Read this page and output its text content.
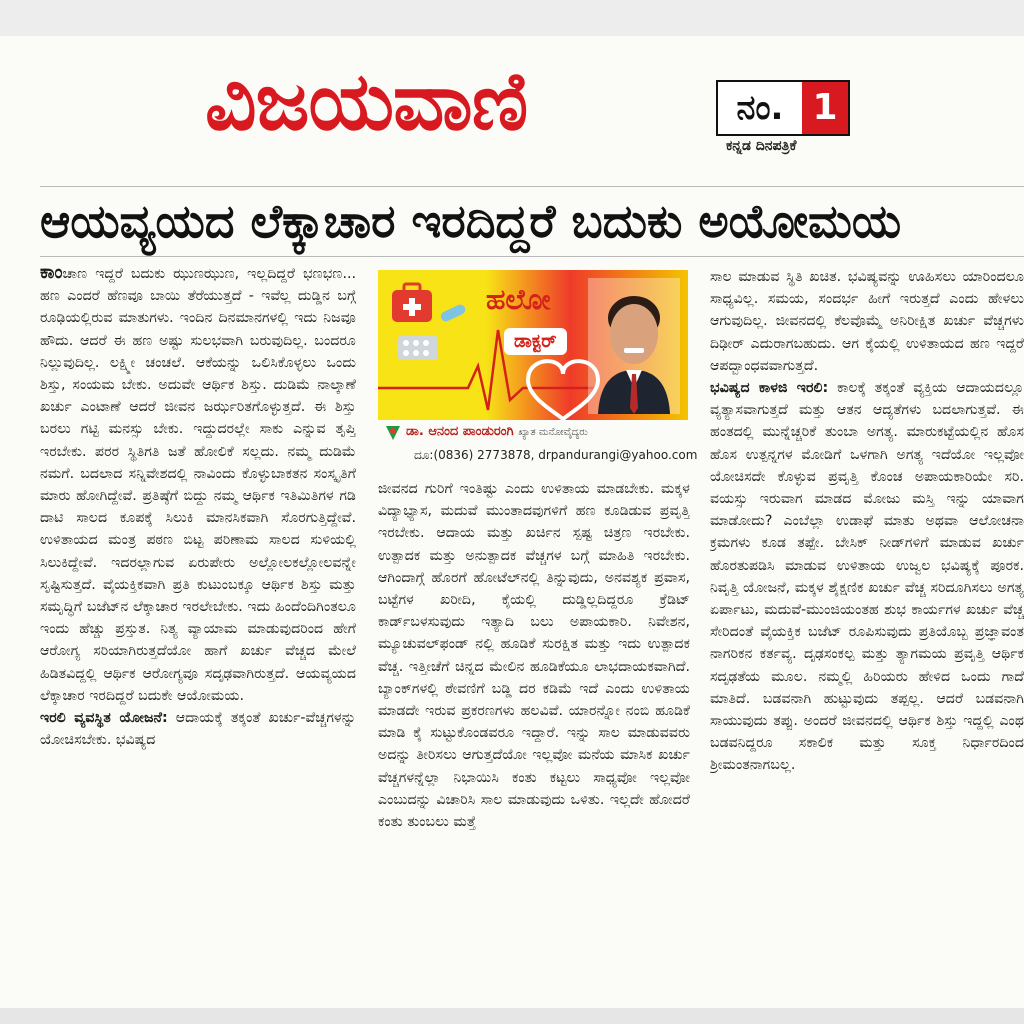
ವಿಜಯವಾಣಿ	ನಂ. 1
ಕನ್ನಡ ದಿನಪತ್ರಿಕೆ
ಆಯವ್ಯಯದ ಲೆಕ್ಕಾಚಾರ ಇರದಿದ್ದರೆ ಬದುಕು ಅಯೋಮಯ

ಕಾಂಚಾಣ ಇದ್ದರೆ ಬದುಕು ಝುಣಝುಣ, ಇಲ್ಲದಿದ್ದರೆ ಭಣಭಣ... ಹಣ ಎಂದರೆ ಹೆಣವೂ ಬಾಯಿ ತೆರೆಯುತ್ತದೆ - ಇವೆಲ್ಲ ದುಡ್ಡಿನ ಬಗ್ಗೆ ರೂಢಿಯಲ್ಲಿರುವ ಮಾತುಗಳು. ಇಂದಿನ ದಿನಮಾನಗಳಲ್ಲಿ ಇದು ನಿಜವೂ ಹೌದು. ಆದರೆ ಈ ಹಣ ಅಷ್ಟು ಸುಲಭವಾಗಿ ಬರುವುದಿಲ್ಲ. ಬಂದರೂ ನಿಲ್ಲುವುದಿಲ್ಲ. ಲಕ್ಷ್ಮೀ ಚಂಚಲೆ. ಆಕೆಯನ್ನು ಒಲಿಸಿಕೊಳ್ಳಲು ಒಂದು ಶಿಸ್ತು, ಸಂಯಮ ಬೇಕು. ಅದುವೇ ಆರ್ಥಿಕ ಶಿಸ್ತು. ದುಡಿಮೆ ನಾಲ್ಕಾಣೆ ಖರ್ಚು ಎಂಟಾಣೆ ಆದರೆ ಜೀವನ ಜರ್ಝರಿತಗೊಳ್ಳುತ್ತದೆ. ಈ ಶಿಸ್ತು ಬರಲು ಗಟ್ಟಿ ಮನಸ್ಸು ಬೇಕು. ಇದ್ದುದರಲ್ಲೇ ಸಾಕು ಎನ್ನುವ ತೃಪ್ತಿ ಇರಬೇಕು. ಪರರ ಸ್ಥಿತಿಗತಿ ಜತೆ ಹೋಲಿಕೆ ಸಲ್ಲದು. ನಮ್ಮ ದುಡಿಮೆ ನಮಗೆ. ಬದಲಾದ ಸನ್ನಿವೇಶದಲ್ಲಿ ನಾವಿಂದು ಕೊಳ್ಳುಬಾಕತನ ಸಂಸ್ಕೃತಿಗೆ ಮಾರು ಹೋಗಿದ್ದೇವೆ. ಪ್ರತಿಷ್ಠೆಗೆ ಬಿದ್ದು ನಮ್ಮ ಆರ್ಥಿಕ ಇತಿಮಿತಿಗಳ ಗಡಿ ದಾಟಿ ಸಾಲದ ಕೂಪಕ್ಕೆ ಸಿಲುಕಿ ಮಾನಸಿಕವಾಗಿ ಸೊರಗುತ್ತಿದ್ದೇವೆ. ಉಳಿತಾಯದ ಮಂತ್ರ ಪಠಣ ಬಿಟ್ಟ ಪರಿಣಾಮ ಸಾಲದ ಸುಳಿಯಲ್ಲಿ ಸಿಲುಕಿದ್ದೇವೆ. ಇದರಲ್ಲಾಗುವ ಏರುಪೇರು ಅಲ್ಲೋಲಕಲ್ಲೋಲವನ್ನೇ ಸೃಷ್ಟಿಸುತ್ತದೆ. ವೈಯಕ್ತಿಕವಾಗಿ ಪ್ರತಿ ಕುಟುಂಬಕ್ಕೂ ಆರ್ಥಿಕ ಶಿಸ್ತು ಮತ್ತು ಸಮೃದ್ಧಿಗೆ ಬಜೆಟ್‌ನ ಲೆಕ್ಕಾಚಾರ ಇರಲೇಬೇಕು. ಇದು ಹಿಂದೆಂದಿಗಿಂತಲೂ ಇಂದು ಹೆಚ್ಚು ಪ್ರಸ್ತುತ. ನಿತ್ಯ ವ್ಯಾಯಾಮ ಮಾಡುವುದರಿಂದ ಹೇಗೆ ಆರೋಗ್ಯ ಸರಿಯಾಗಿರುತ್ತದೆಯೋ ಹಾಗೆ ಖರ್ಚು ವೆಚ್ಚದ ಮೇಲೆ ಹಿಡಿತವಿದ್ದಲ್ಲಿ ಆರ್ಥಿಕ ಆರೋಗ್ಯವೂ ಸದೃಢವಾಗಿರುತ್ತದೆ. ಆಯವ್ಯಯದ ಲೆಕ್ಕಾಚಾರ ಇರದಿದ್ದರೆ ಬದುಕೇ ಆಯೋಮಯ.

ಇರಲಿ ವ್ಯವಸ್ಥಿತ ಯೋಜನೆ: ಆದಾಯಕ್ಕೆ ತಕ್ಕಂತೆ ಖರ್ಚು-ವೆಚ್ಚಗಳನ್ನು ಯೋಚಿಸಬೇಕು. ಭವಿಷ್ಯದ

ಹಲೋ
ಡಾಕ್ಟರ್
ಡಾ. ಆನಂದ ಪಾಂಡುರಂಗಿ ಖ್ಯಾತ ಮನೋವೈದ್ಯರು
ದೂ:(0836) 2773878, drpandurangi@yahoo.com

ಜೀವನದ ಗುರಿಗೆ ಇಂತಿಷ್ಟು ಎಂದು ಉಳಿತಾಯ ಮಾಡಬೇಕು. ಮಕ್ಕಳ ವಿದ್ಯಾಭ್ಯಾಸ, ಮದುವೆ ಮುಂತಾದವುಗಳಿಗೆ ಹಣ ಕೂಡಿಡುವ ಪ್ರವೃತ್ತಿ ಇರಬೇಕು. ಆದಾಯ ಮತ್ತು ಖರ್ಚಿನ ಸ್ಪಷ್ಟ ಚಿತ್ರಣ ಇರಬೇಕು. ಉತ್ಪಾದಕ ಮತ್ತು ಅನುತ್ಪಾದಕ ವೆಚ್ಚಗಳ ಬಗ್ಗೆ ಮಾಹಿತಿ ಇರಬೇಕು. ಆಗಿಂದಾಗ್ಗೆ ಹೊರಗೆ ಹೋಟೆಲ್‌ನಲ್ಲಿ ತಿನ್ನುವುದು, ಅನವಶ್ಯಕ ಪ್ರವಾಸ, ಬಟ್ಟೆಗಳ ಖರೀದಿ, ಕೈಯಲ್ಲಿ ದುಡ್ಡಿಲ್ಲದಿದ್ದರೂ ಕ್ರೆಡಿಟ್ ಕಾರ್ಡ್‌ಬಳಸುವುದು ಇತ್ಯಾದಿ ಬಲು ಅಪಾಯಕಾರಿ. ನಿವೇಶನ, ಮ್ಯೂಚುವಲ್‌ಫಂಡ್ ನಲ್ಲಿ ಹೂಡಿಕೆ ಸುರಕ್ಷಿತ ಮತ್ತು ಇದು ಉತ್ಪಾದಕ ವೆಚ್ಚ. ಇತ್ತೀಚೆಗೆ ಚಿನ್ನದ ಮೇಲಿನ ಹೂಡಿಕೆಯೂ ಲಾಭದಾಯಕವಾಗಿದೆ. ಬ್ಯಾಂಕ್‌ಗಳಲ್ಲಿ ಠೇವಣಿಗೆ ಬಡ್ಡಿ ದರ ಕಡಿಮೆ ಇದೆ ಎಂದು ಉಳಿತಾಯ ಮಾಡದೇ ಇರುವ ಪ್ರಕರಣಗಳು ಹಲವಿವೆ. ಯಾರನ್ನೋ ನಂಬಿ ಹೂಡಿಕೆ ಮಾಡಿ ಕೈ ಸುಟ್ಟುಕೊಂಡವರೂ ಇದ್ದಾರೆ. ಇನ್ನು ಸಾಲ ಮಾಡುವವರು ಅದನ್ನು ತೀರಿಸಲು ಆಗುತ್ತದೆಯೋ ಇಲ್ಲವೋ ಮನೆಯ ಮಾಸಿಕ ಖರ್ಚು ವೆಚ್ಚಗಳನ್ನೆಲ್ಲಾ ನಿಭಾಯಿಸಿ ಕಂತು ಕಟ್ಟಲು ಸಾಧ್ಯವೋ ಇಲ್ಲವೋ ಎಂಬುದನ್ನು ವಿಚಾರಿಸಿ ಸಾಲ ಮಾಡುವುದು ಒಳಿತು. ಇಲ್ಲದೇ ಹೋದರೆ ಕಂತು ತುಂಬಲು ಮತ್ತೆ

ಸಾಲ ಮಾಡುವ ಸ್ಥಿತಿ ಖಚಿತ. ಭವಿಷ್ಯವನ್ನು ಊಹಿಸಲು ಯಾರಿಂದಲೂ ಸಾಧ್ಯವಿಲ್ಲ. ಸಮಯ, ಸಂದರ್ಭ ಹೀಗೆ ಇರುತ್ತದೆ ಎಂದು ಹೇಳಲು ಆಗುವುದಿಲ್ಲ. ಜೀವನದಲ್ಲಿ ಕೆಲವೊಮ್ಮೆ ಅನಿರೀಕ್ಷಿತ ಖರ್ಚು ವೆಚ್ಚಗಳು ದಿಢೀರ್ ಎದುರಾಗಬಹುದು. ಆಗ ಕೈಯಲ್ಲಿ ಉಳಿತಾಯದ ಹಣ ಇದ್ದರೆ ಆಪದ್ಬಾಂಧವವಾಗುತ್ತದೆ.

ಭವಿಷ್ಯದ ಕಾಳಜಿ ಇರಲಿ: ಕಾಲಕ್ಕೆ ತಕ್ಕಂತೆ ವ್ಯಕ್ತಿಯ ಆದಾಯದಲ್ಲೂ ವ್ಯತ್ಯಾಸವಾಗುತ್ತದೆ ಮತ್ತು ಆತನ ಆದ್ಯತೆಗಳು ಬದಲಾಗುತ್ತವೆ. ಈ ಹಂತದಲ್ಲಿ ಮುನ್ನೆಚ್ಚರಿಕೆ ತುಂಬಾ ಅಗತ್ಯ. ಮಾರುಕಟ್ಟೆಯಲ್ಲಿನ ಹೊಸ ಹೊಸ ಉತ್ಪನ್ನಗಳ ಮೋಡಿಗೆ ಒಳಗಾಗಿ ಅಗತ್ಯ ಇದೆಯೋ ಇಲ್ಲವೋ ಯೋಚಿಸದೇ ಕೊಳ್ಳುವ ಪ್ರವೃತ್ತಿ ಕೊಂಚ ಅಪಾಯಕಾರಿಯೇ ಸರಿ. ವಯಸ್ಸು ಇರುವಾಗ ಮಾಡದ ಮೋಜು ಮಸ್ತಿ ಇನ್ನು ಯಾವಾಗ ಮಾಡೋದು? ಎಂಬೆಲ್ಲಾ ಉಡಾಫೆ ಮಾತು ಅಥವಾ ಆಲೋಚನಾ ಕ್ರಮಗಳು ಕೂಡ ತಪ್ಪೇ. ಬೇಸಿಕ್ ನೀಡ್‌ಗಳಿಗೆ ಮಾಡುವ ಖರ್ಚು ಹೊರತುಪಡಿಸಿ ಮಾಡುವ ಉಳಿತಾಯ ಉಜ್ವಲ ಭವಿಷ್ಯಕ್ಕೆ ಪೂರಕ. ನಿವೃತ್ತಿ ಯೋಜನೆ, ಮಕ್ಕಳ ಶೈಕ್ಷಣಿಕ ಖರ್ಚು ವೆಚ್ಚ ಸರಿದೂಗಿಸಲು ಅಗತ್ಯ ಏರ್ಪಾಟು, ಮದುವೆ-ಮುಂಜಿಯಂತಹ ಶುಭ ಕಾರ್ಯಗಳ ಖರ್ಚು ವೆಚ್ಚ ಸೇರಿದಂತೆ ವೈಯಕ್ತಿಕ ಬಜೆಟ್ ರೂಪಿಸುವುದು ಪ್ರತಿಯೊಬ್ಬ ಪ್ರಜ್ಞಾವಂತ ನಾಗರಿಕನ ಕರ್ತವ್ಯ. ದೃಢಸಂಕಲ್ಪ ಮತ್ತು ತ್ಯಾಗಮಯ ಪ್ರವೃತ್ತಿ ಆರ್ಥಿಕ ಸದೃಢತೆಯ ಮೂಲ. ನಮ್ಮಲ್ಲಿ ಹಿರಿಯರು ಹೇಳಿದ ಒಂದು ಗಾದೆ ಮಾತಿದೆ. ಬಡವನಾಗಿ ಹುಟ್ಟುವುದು ತಪ್ಪಲ್ಲ. ಆದರೆ ಬಡವನಾಗಿ ಸಾಯುವುದು ತಪ್ಪು. ಅಂದರೆ ಜೀವನದಲ್ಲಿ ಆರ್ಥಿಕ ಶಿಸ್ತು ಇದ್ದಲ್ಲಿ ಎಂಥ ಬಡವನಿದ್ದರೂ ಸಕಾಲಿಕ ಮತ್ತು ಸೂಕ್ತ ನಿರ್ಧಾರದಿಂದ ಶ್ರೀಮಂತನಾಗಬಲ್ಲ.
